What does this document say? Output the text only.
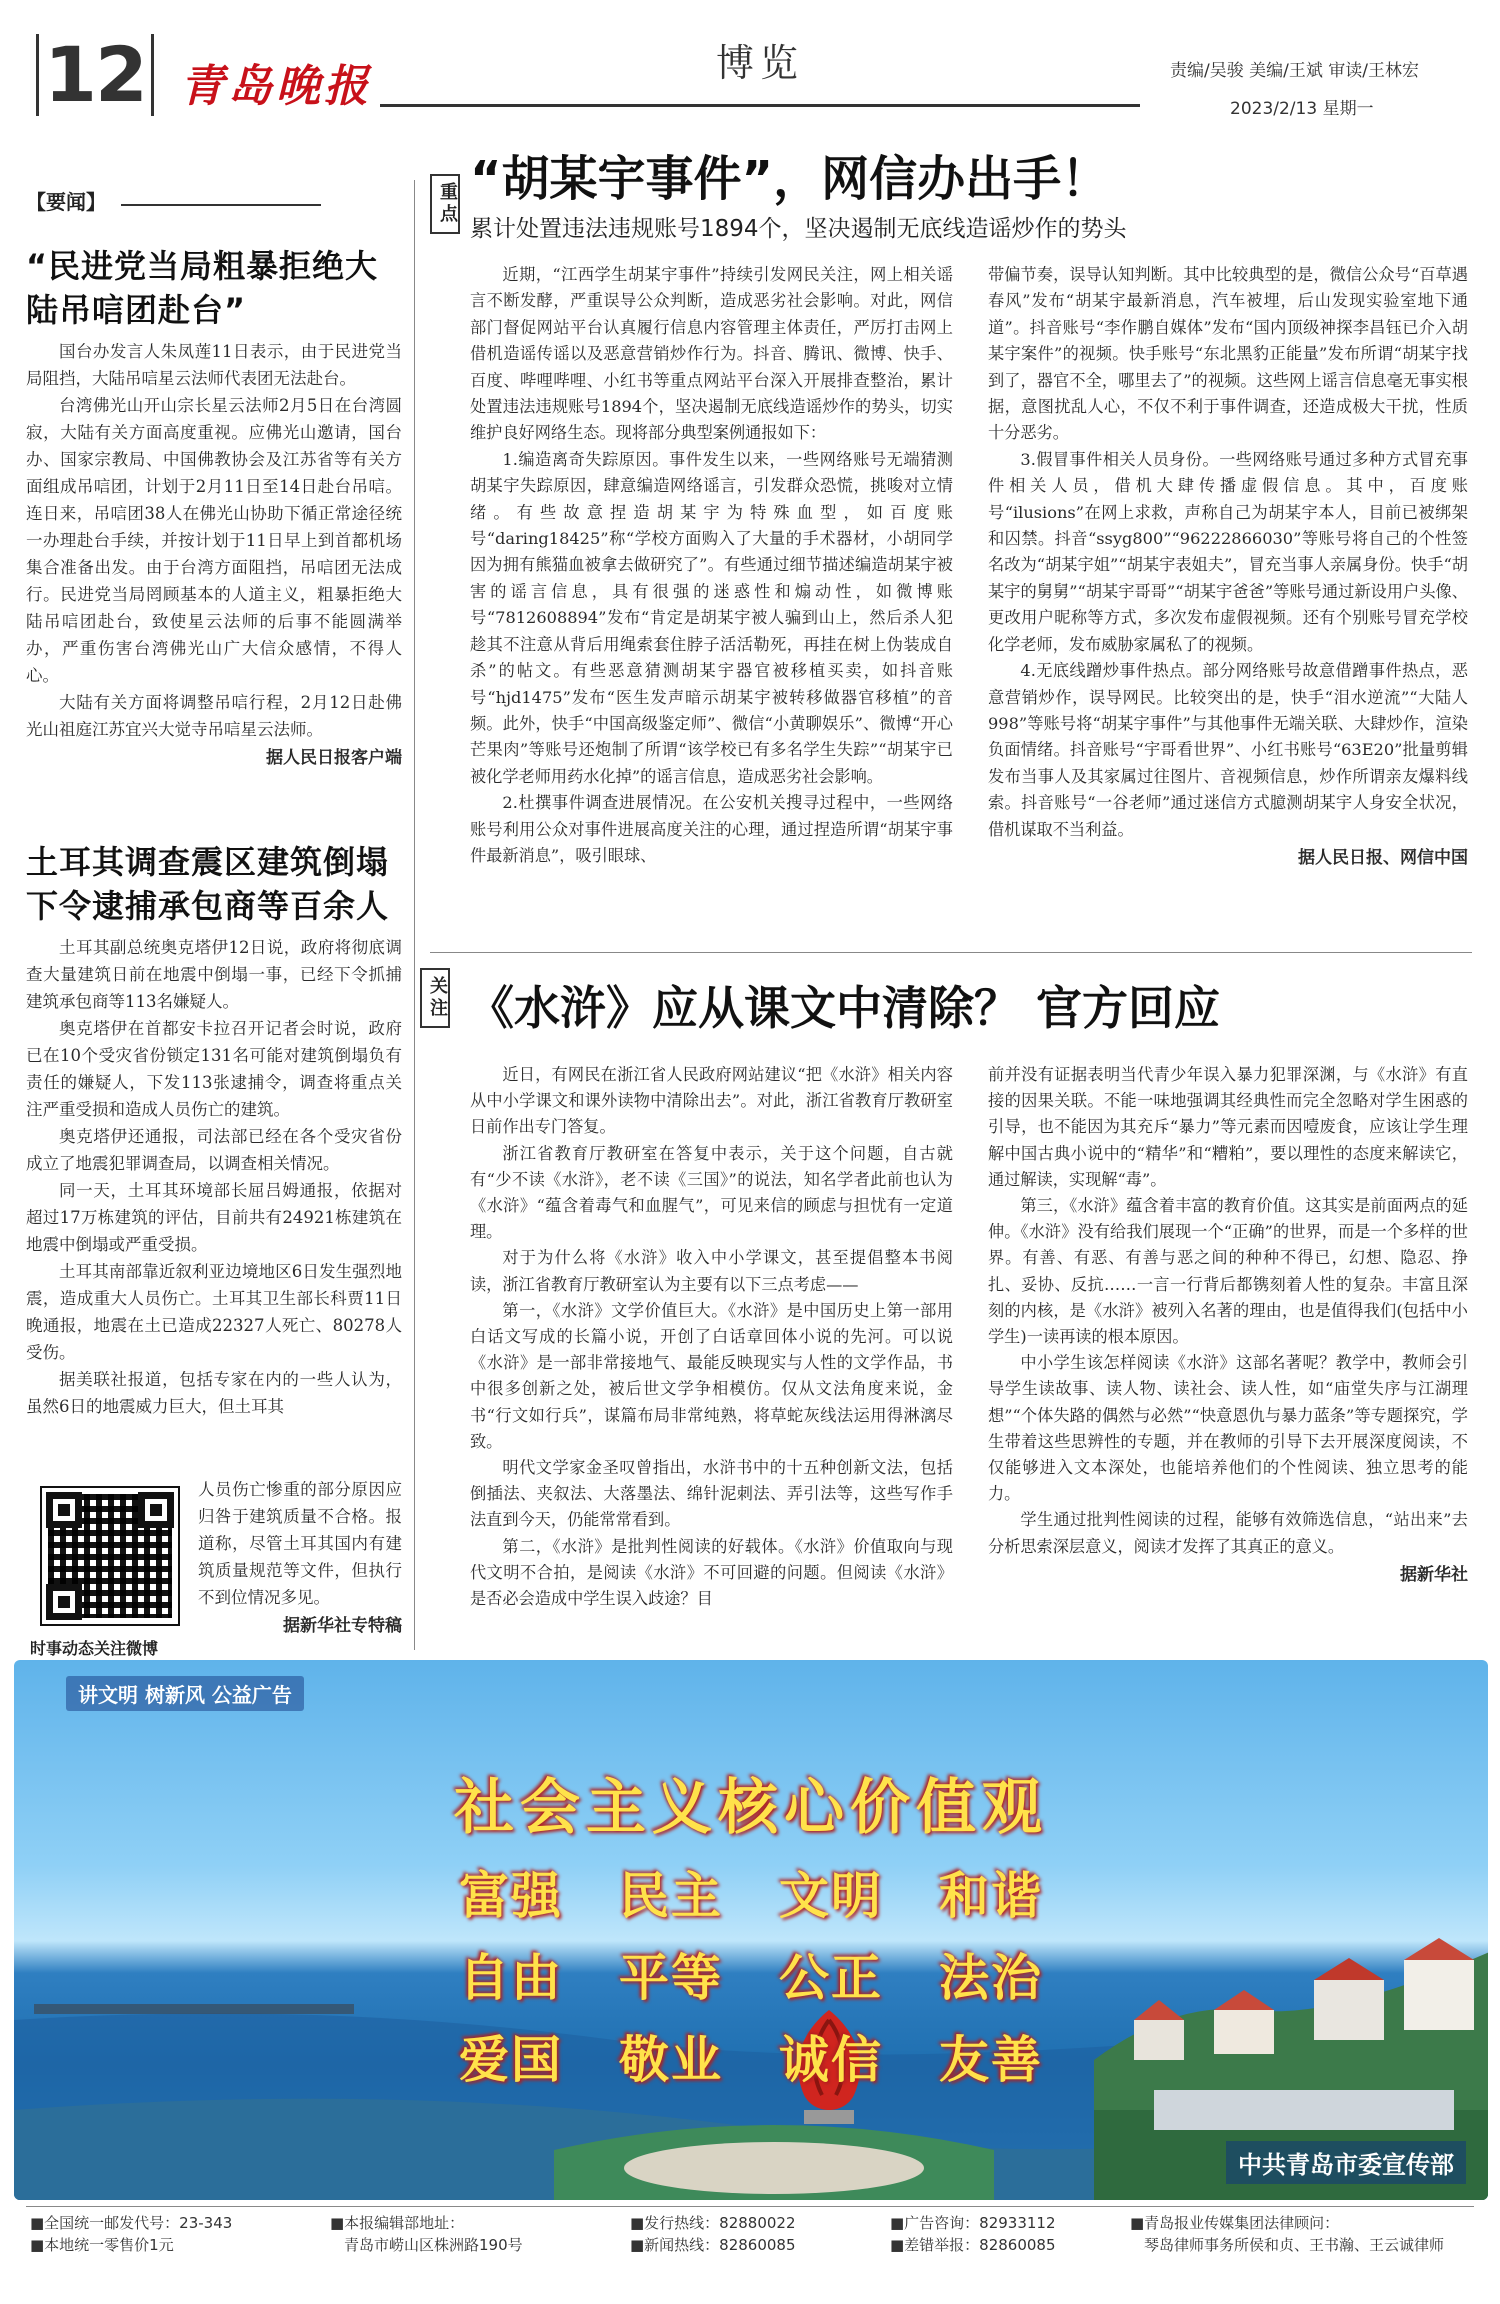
12 青岛晚报	博览	责编/吴骏 美编/王斌 审读/王林宏
2023/2/13 星期一
【要闻】
“民进党当局粗暴拒绝大陆吊唁团赴台”

国台办发言人朱凤莲11日表示，由于民进党当局阻挡，大陆吊唁星云法师代表团无法赴台。

台湾佛光山开山宗长星云法师2月5日在台湾圆寂，大陆有关方面高度重视。应佛光山邀请，国台办、国家宗教局、中国佛教协会及江苏省等有关方面组成吊唁团，计划于2月11日至14日赴台吊唁。连日来，吊唁团38人在佛光山协助下循正常途径统一办理赴台手续，并按计划于11日早上到首都机场集合准备出发。由于台湾方面阻挡，吊唁团无法成行。民进党当局罔顾基本的人道主义，粗暴拒绝大陆吊唁团赴台，致使星云法师的后事不能圆满举办，严重伤害台湾佛光山广大信众感情，不得人心。

大陆有关方面将调整吊唁行程，2月12日赴佛光山祖庭江苏宜兴大觉寺吊唁星云法师。

据人民日报客户端
土耳其调查震区建筑倒塌下令逮捕承包商等百余人

土耳其副总统奥克塔伊12日说，政府将彻底调查大量建筑日前在地震中倒塌一事，已经下令抓捕建筑承包商等113名嫌疑人。

奥克塔伊在首都安卡拉召开记者会时说，政府已在10个受灾省份锁定131名可能对建筑倒塌负有责任的嫌疑人，下发113张逮捕令，调查将重点关注严重受损和造成人员伤亡的建筑。

奥克塔伊还通报，司法部已经在各个受灾省份成立了地震犯罪调查局，以调查相关情况。

同一天，土耳其环境部长屈吕姆通报，依据对超过17万栋建筑的评估，目前共有24921栋建筑在地震中倒塌或严重受损。

土耳其南部靠近叙利亚边境地区6日发生强烈地震，造成重大人员伤亡。土耳其卫生部长科贾11日晚通报，地震在土已造成22327人死亡、80278人受伤。

据美联社报道，包括专家在内的一些人认为，虽然6日的地震威力巨大，但土耳其

人员伤亡惨重的部分原因应归咎于建筑质量不合格。报道称，尽管土耳其国内有建筑质量规范等文件，但执行不到位情况多见。
据新华社专特稿
时事动态关注微博
重点 “胡某宇事件”，网信办出手！
累计处置违法违规账号1894个，坚决遏制无底线造谣炒作的势头

近期，“江西学生胡某宇事件”持续引发网民关注，网上相关谣言不断发酵，严重误导公众判断，造成恶劣社会影响。对此，网信部门督促网站平台认真履行信息内容管理主体责任，严厉打击网上借机造谣传谣以及恶意营销炒作行为。抖音、腾讯、微博、快手、百度、哔哩哔哩、小红书等重点网站平台深入开展排查整治，累计处置违法违规账号1894个，坚决遏制无底线造谣炒作的势头，切实维护良好网络生态。现将部分典型案例通报如下：

1.编造离奇失踪原因。事件发生以来，一些网络账号无端猜测胡某宇失踪原因，肆意编造网络谣言，引发群众恐慌，挑唆对立情绪。有些故意捏造胡某宇为特殊血型，如百度账号“daring18425”称“学校方面购入了大量的手术器材，小胡同学因为拥有熊猫血被拿去做研究了”。有些通过细节描述编造胡某宇被害的谣言信息，具有很强的迷惑性和煽动性，如微博账号“7812608894”发布“肯定是胡某宇被人骗到山上，然后杀人犯趁其不注意从背后用绳索套住脖子活活勒死，再挂在树上伪装成自杀”的帖文。有些恶意猜测胡某宇器官被移植买卖，如抖音账号“hjd1475”发布“医生发声暗示胡某宇被转移做器官移植”的音频。此外，快手“中国高级鉴定师”、微信“小黄聊娱乐”、微博“开心芒果肉”等账号还炮制了所谓“该学校已有多名学生失踪”“胡某宇已被化学老师用药水化掉”的谣言信息，造成恶劣社会影响。

2.杜撰事件调查进展情况。在公安机关搜寻过程中，一些网络账号利用公众对事件进展高度关注的心理，通过捏造所谓“胡某宇事件最新消息”，吸引眼球、

带偏节奏，误导认知判断。其中比较典型的是，微信公众号“百草遇春风”发布“胡某宇最新消息，汽车被埋，后山发现实验室地下通道”。抖音账号“李作鹏自媒体”发布“国内顶级神探李昌钰已介入胡某宇案件”的视频。快手账号“东北黑豹正能量”发布所谓“胡某宇找到了，器官不全，哪里去了”的视频。这些网上谣言信息毫无事实根据，意图扰乱人心，不仅不利于事件调查，还造成极大干扰，性质十分恶劣。

3.假冒事件相关人员身份。一些网络账号通过多种方式冒充事件相关人员，借机大肆传播虚假信息。其中，百度账号“ilusions”在网上求救，声称自己为胡某宇本人，目前已被绑架和囚禁。抖音“ssyg800”“96222866030”等账号将自己的个性签名改为“胡某宇姐”“胡某宇表姐夫”，冒充当事人亲属身份。快手“胡某宇的舅舅”“胡某宇哥哥”“胡某宇爸爸”等账号通过新设用户头像、更改用户昵称等方式，多次发布虚假视频。还有个别账号冒充学校化学老师，发布威胁家属私了的视频。

4.无底线蹭炒事件热点。部分网络账号故意借蹭事件热点，恶意营销炒作，误导网民。比较突出的是，快手“泪水逆流”“大陆人998”等账号将“胡某宇事件”与其他事件无端关联、大肆炒作，渲染负面情绪。抖音账号“宇哥看世界”、小红书账号“63E20”批量剪辑发布当事人及其家属过往图片、音视频信息，炒作所谓亲友爆料线索。抖音账号“一谷老师”通过迷信方式臆测胡某宇人身安全状况，借机谋取不当利益。

据人民日报、网信中国
关注 《水浒》应从课文中清除？ 官方回应

近日，有网民在浙江省人民政府网站建议“把《水浒》相关内容从中小学课文和课外读物中清除出去”。对此，浙江省教育厅教研室日前作出专门答复。

浙江省教育厅教研室在答复中表示，关于这个问题，自古就有“少不读《水浒》，老不读《三国》”的说法，知名学者此前也认为《水浒》“蕴含着毒气和血腥气”，可见来信的顾虑与担忧有一定道理。

对于为什么将《水浒》收入中小学课文，甚至提倡整本书阅读，浙江省教育厅教研室认为主要有以下三点考虑——

第一，《水浒》文学价值巨大。《水浒》是中国历史上第一部用白话文写成的长篇小说，开创了白话章回体小说的先河。可以说《水浒》是一部非常接地气、最能反映现实与人性的文学作品，书中很多创新之处，被后世文学争相模仿。仅从文法角度来说，金书“行文如行兵”，谋篇布局非常纯熟，将草蛇灰线法运用得淋漓尽致。

明代文学家金圣叹曾指出，水浒书中的十五种创新文法，包括倒插法、夹叙法、大落墨法、绵针泥刺法、弄引法等，这些写作手法直到今天，仍能常常看到。

第二，《水浒》是批判性阅读的好载体。《水浒》价值取向与现代文明不合拍，是阅读《水浒》不可回避的问题。但阅读《水浒》是否必会造成中学生误入歧途？目

前并没有证据表明当代青少年误入暴力犯罪深渊，与《水浒》有直接的因果关联。不能一味地强调其经典性而完全忽略对学生困惑的引导，也不能因为其充斥“暴力”等元素而因噎废食，应该让学生理解中国古典小说中的“精华”和“糟粕”，要以理性的态度来解读它，通过解读，实现解“毒”。

第三，《水浒》蕴含着丰富的教育价值。这其实是前面两点的延伸。《水浒》没有给我们展现一个“正确”的世界，而是一个多样的世界。有善、有恶、有善与恶之间的种种不得已，幻想、隐忍、挣扎、妥协、反抗……一言一行背后都镌刻着人性的复杂。丰富且深刻的内核，是《水浒》被列入名著的理由，也是值得我们(包括中小学生)一读再读的根本原因。

中小学生该怎样阅读《水浒》这部名著呢？教学中，教师会引导学生读故事、读人物、读社会、读人性，如“庙堂失序与江湖理想”“个体失路的偶然与必然”“快意恩仇与暴力蓝条”等专题探究，学生带着这些思辨性的专题，并在教师的引导下去开展深度阅读，不仅能够进入文本深处，也能培养他们的个性阅读、独立思考的能力。

学生通过批判性阅读的过程，能够有效筛选信息，“站出来”去分析思索深层意义，阅读才发挥了其真正的意义。

据新华社
讲文明 树新风 公益广告
社会主义核心价值观
富强	民主	文明	和谐
自由	平等	公正	法治
爱国	敬业	诚信	友善
中共青岛市委宣传部
■全国统一邮发代号：23-343
■本地统一零售价1元
■本报编辑部地址：
青岛市崂山区株洲路190号
■发行热线：82880022
■新闻热线：82860085
■广告咨询：82933112
■差错举报：82860085
■青岛报业传媒集团法律顾问：
琴岛律师事务所侯和贞、王书瀚、王云诚律师
